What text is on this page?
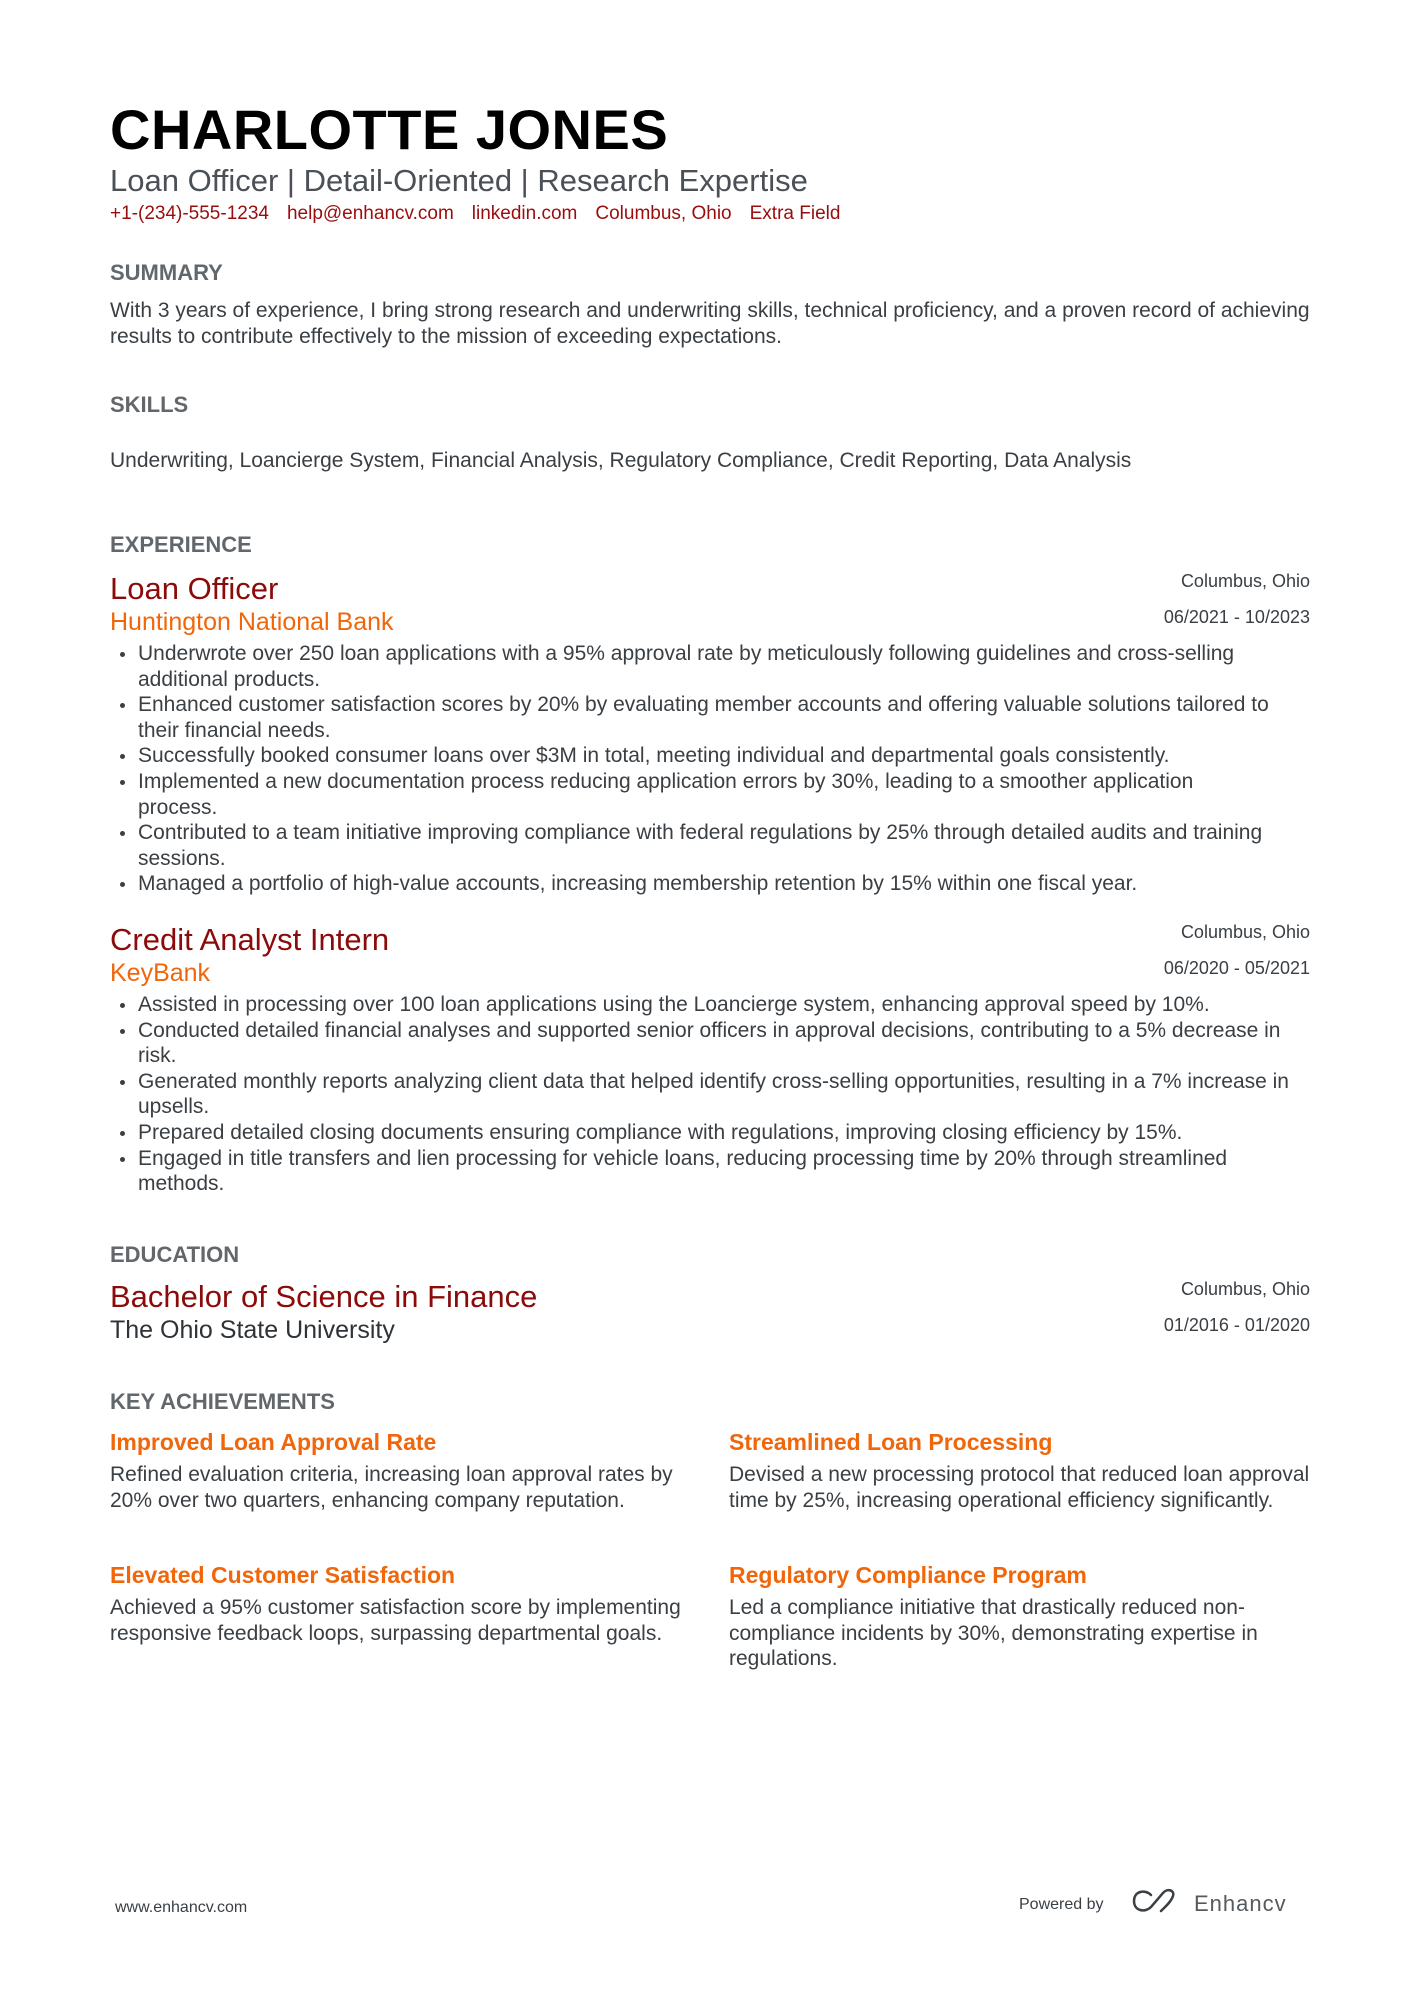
CHARLOTTE JONES
Loan Officer | Detail-Oriented | Research Expertise
+1-(234)-555-1234 help@enhancv.com linkedin.com Columbus, Ohio Extra Field
SUMMARY
With 3 years of experience, I bring strong research and underwriting skills, technical proficiency, and a proven record of achieving results to contribute effectively to the mission of exceeding expectations.
SKILLS
Underwriting, Loancierge System, Financial Analysis, Regulatory Compliance, Credit Reporting, Data Analysis
EXPERIENCE
Columbus, Ohio
06/2021 - 10/2023
Loan Officer
Huntington National Bank
Underwrote over 250 loan applications with a 95% approval rate by meticulously following guidelines and cross-selling additional products.
Enhanced customer satisfaction scores by 20% by evaluating member accounts and offering valuable solutions tailored to their financial needs.
Successfully booked consumer loans over $3M in total, meeting individual and departmental goals consistently.
Implemented a new documentation process reducing application errors by 30%, leading to a smoother application process.
Contributed to a team initiative improving compliance with federal regulations by 25% through detailed audits and training sessions.
Managed a portfolio of high-value accounts, increasing membership retention by 15% within one fiscal year.
Columbus, Ohio
06/2020 - 05/2021
Credit Analyst Intern
KeyBank
Assisted in processing over 100 loan applications using the Loancierge system, enhancing approval speed by 10%.
Conducted detailed financial analyses and supported senior officers in approval decisions, contributing to a 5% decrease in risk.
Generated monthly reports analyzing client data that helped identify cross-selling opportunities, resulting in a 7% increase in upsells.
Prepared detailed closing documents ensuring compliance with regulations, improving closing efficiency by 15%.
Engaged in title transfers and lien processing for vehicle loans, reducing processing time by 20% through streamlined methods.
EDUCATION
Columbus, Ohio
01/2016 - 01/2020
Bachelor of Science in Finance
The Ohio State University
KEY ACHIEVEMENTS
Improved Loan Approval Rate

Refined evaluation criteria, increasing loan approval rates by 20% over two quarters, enhancing company reputation.

Streamlined Loan Processing

Devised a new processing protocol that reduced loan approval time by 25%, increasing operational efficiency significantly.

Elevated Customer Satisfaction

Achieved a 95% customer satisfaction score by implementing responsive feedback loops, surpassing departmental goals.

Regulatory Compliance Program

Led a compliance initiative that drastically reduced non-compliance incidents by 30%, demonstrating expertise in regulations.

www.enhancv.com	Powered by	Enhancv
